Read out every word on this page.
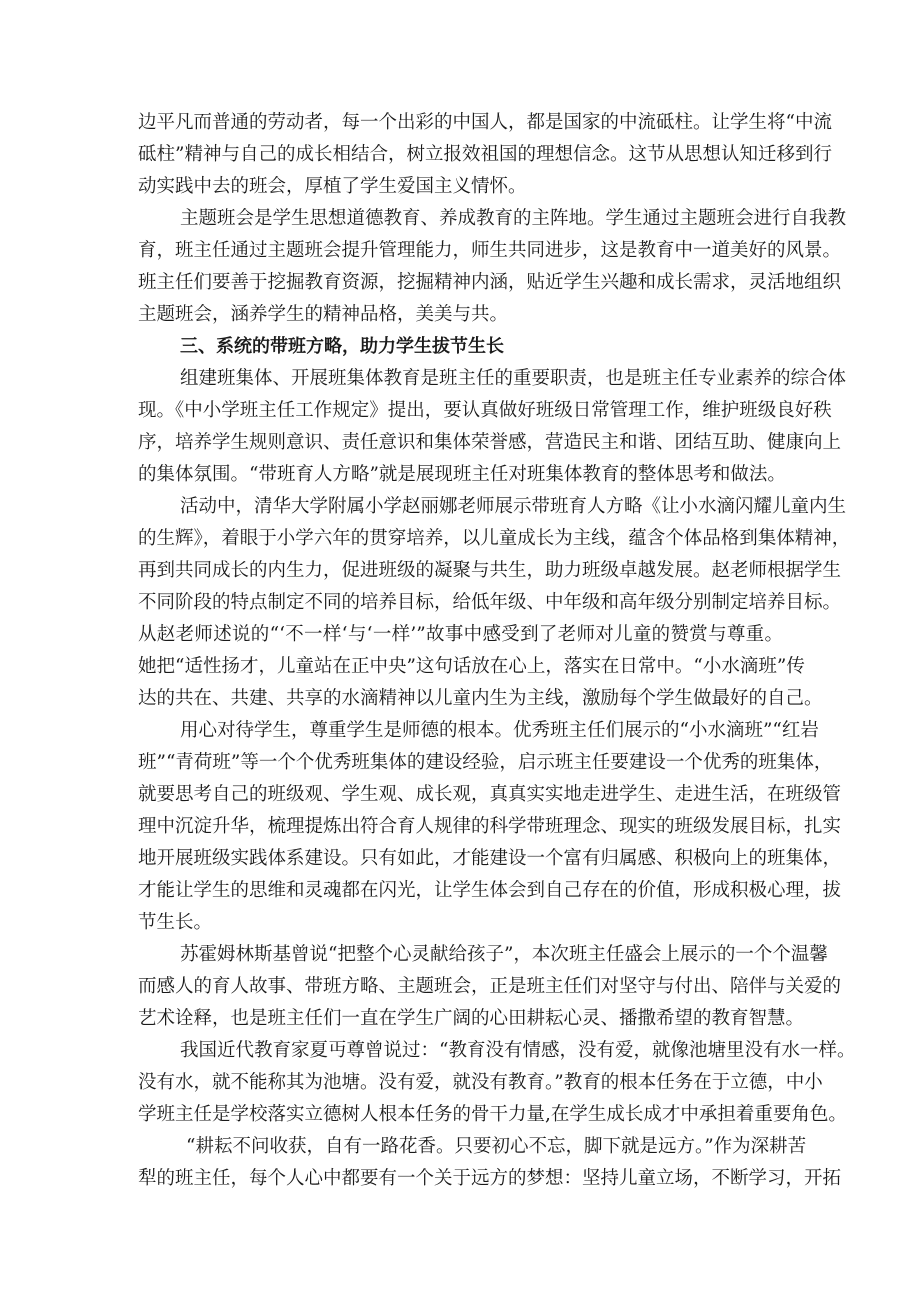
边平凡而普通的劳动者，每一个出彩的中国人，都是国家的中流砥柱。让学生将“中流
砥柱”精神与自己的成长相结合，树立报效祖国的理想信念。这节从思想认知迁移到行
动实践中去的班会，厚植了学生爱国主义情怀。
主题班会是学生思想道德教育、养成教育的主阵地。学生通过主题班会进行自我教
育，班主任通过主题班会提升管理能力，师生共同进步，这是教育中一道美好的风景。
班主任们要善于挖掘教育资源，挖掘精神内涵，贴近学生兴趣和成长需求，灵活地组织
主题班会，涵养学生的精神品格，美美与共。
三、系统的带班方略，助力学生拔节生长
组建班集体、开展班集体教育是班主任的重要职责，也是班主任专业素养的综合体
现。《中小学班主任工作规定》提出，要认真做好班级日常管理工作，维护班级良好秩
序，培养学生规则意识、责任意识和集体荣誉感，营造民主和谐、团结互助、健康向上
的集体氛围。“带班育人方略”就是展现班主任对班集体教育的整体思考和做法。
活动中，清华大学附属小学赵丽娜老师展示带班育人方略《让小水滴闪耀儿童内生
的生辉》，着眼于小学六年的贯穿培养，以儿童成长为主线，蕴含个体品格到集体精神，
再到共同成长的内生力，促进班级的凝聚与共生，助力班级卓越发展。赵老师根据学生
不同阶段的特点制定不同的培养目标，给低年级、中年级和高年级分别制定培养目标。
从赵老师述说的“‘不一样‘与‘一样’”故事中感受到了老师对儿童的赞赏与尊重。
她把“适性扬才，儿童站在正中央”这句话放在心上，落实在日常中。“小水滴班”传
达的共在、共建、共享的水滴精神以儿童内生为主线，激励每个学生做最好的自己。
用心对待学生，尊重学生是师德的根本。优秀班主任们展示的“小水滴班”“红岩
班”“青荷班”等一个个优秀班集体的建设经验，启示班主任要建设一个优秀的班集体，
就要思考自己的班级观、学生观、成长观，真真实实地走进学生、走进生活，在班级管
理中沉淀升华，梳理提炼出符合育人规律的科学带班理念、现实的班级发展目标，扎实
地开展班级实践体系建设。只有如此，才能建设一个富有归属感、积极向上的班集体，
才能让学生的思维和灵魂都在闪光，让学生体会到自己存在的价值，形成积极心理，拔
节生长。
苏霍姆林斯基曾说“把整个心灵献给孩子”，本次班主任盛会上展示的一个个温馨
而感人的育人故事、带班方略、主题班会，正是班主任们对坚守与付出、陪伴与关爱的
艺术诠释，也是班主任们一直在学生广阔的心田耕耘心灵、播撒希望的教育智慧。
我国近代教育家夏丏尊曾说过：“教育没有情感，没有爱，就像池塘里没有水一样。
没有水，就不能称其为池塘。没有爱，就没有教育。”教育的根本任务在于立德，中小
学班主任是学校落实立德树人根本任务的骨干力量,在学生成长成才中承担着重要角色。
“耕耘不问收获，自有一路花香。只要初心不忘，脚下就是远方。”作为深耕苦
犁的班主任，每个人心中都要有一个关于远方的梦想：坚持儿童立场，不断学习，开拓
